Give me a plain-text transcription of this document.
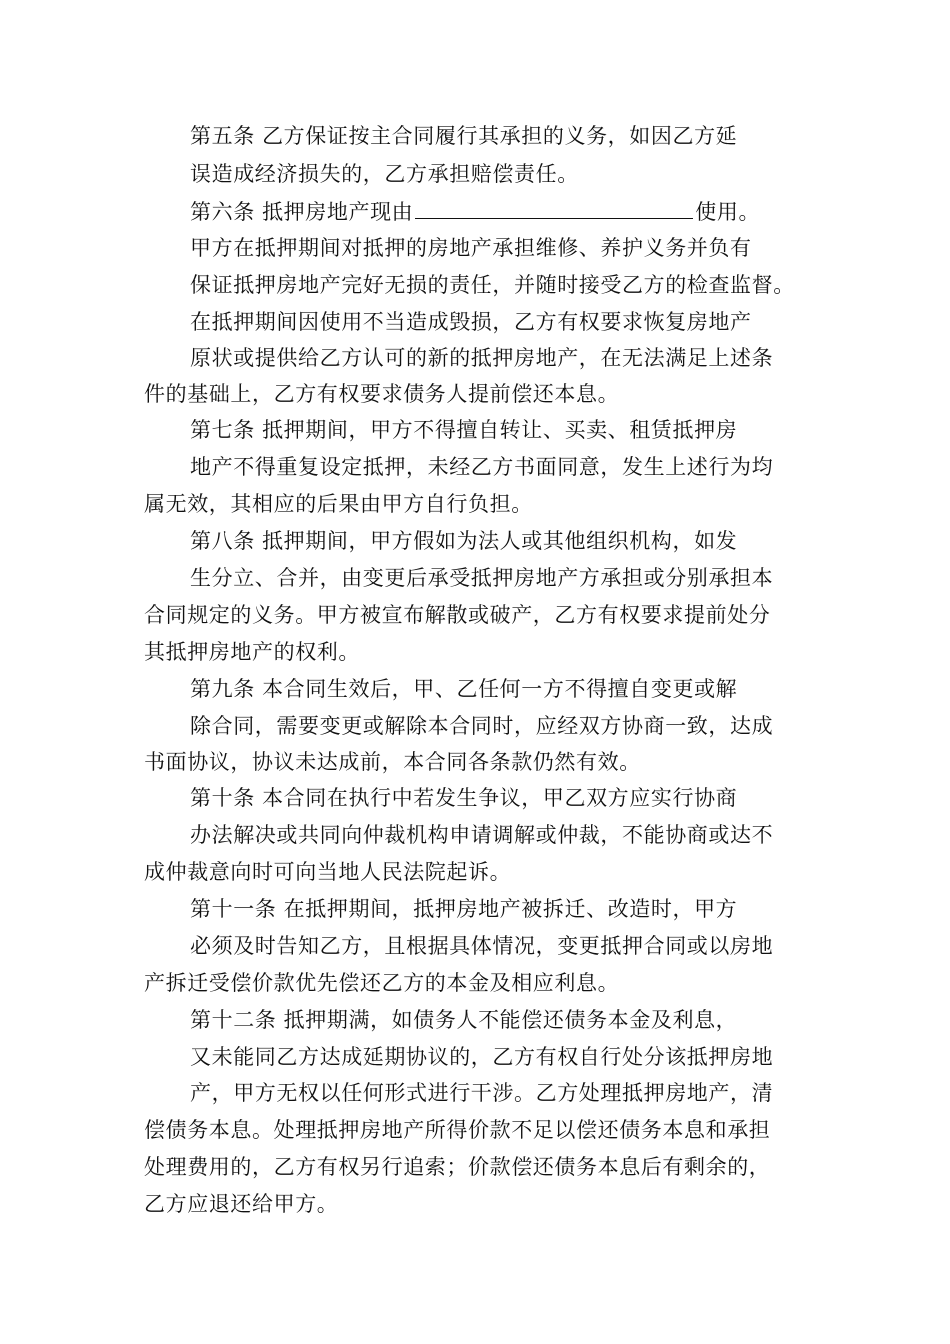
第五条 乙方保证按主合同履行其承担的义务，如因乙方延
误造成经济损失的，乙方承担赔偿责任。
第六条 抵押房地产现由	使用。
甲方在抵押期间对抵押的房地产承担维修、养护义务并负有
保证抵押房地产完好无损的责任，并随时接受乙方的检查监督。
在抵押期间因使用不当造成毁损，乙方有权要求恢复房地产
原状或提供给乙方认可的新的抵押房地产，在无法满足上述条
件的基础上，乙方有权要求债务人提前偿还本息。
第七条 抵押期间，甲方不得擅自转让、买卖、租赁抵押房
地产不得重复设定抵押，未经乙方书面同意，发生上述行为均
属无效，其相应的后果由甲方自行负担。
第八条 抵押期间，甲方假如为法人或其他组织机构，如发
生分立、合并，由变更后承受抵押房地产方承担或分别承担本
合同规定的义务。甲方被宣布解散或破产，乙方有权要求提前处分
其抵押房地产的权利。
第九条 本合同生效后，甲、乙任何一方不得擅自变更或解
除合同，需要变更或解除本合同时，应经双方协商一致，达成
书面协议，协议未达成前，本合同各条款仍然有效。
第十条 本合同在执行中若发生争议，甲乙双方应实行协商
办法解决或共同向仲裁机构申请调解或仲裁，不能协商或达不
成仲裁意向时可向当地人民法院起诉。
第十一条 在抵押期间，抵押房地产被拆迁、改造时，甲方
必须及时告知乙方，且根据具体情况，变更抵押合同或以房地
产拆迁受偿价款优先偿还乙方的本金及相应利息。
第十二条 抵押期满，如债务人不能偿还债务本金及利息，
又未能同乙方达成延期协议的，乙方有权自行处分该抵押房地
产，甲方无权以任何形式进行干涉。乙方处理抵押房地产，清
偿债务本息。处理抵押房地产所得价款不足以偿还债务本息和承担
处理费用的，乙方有权另行追索；价款偿还债务本息后有剩余的，
乙方应退还给甲方。
